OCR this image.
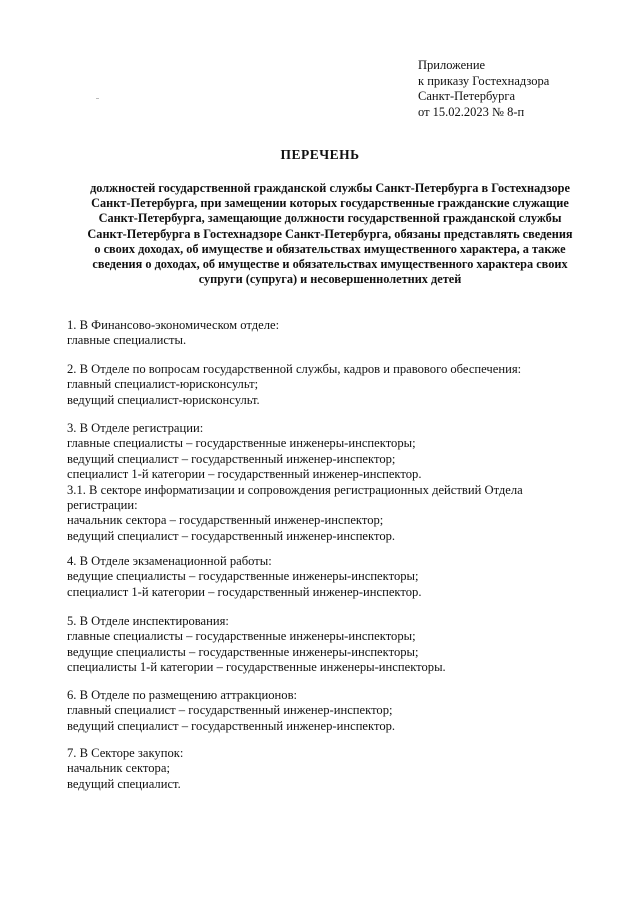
Приложение
к приказу Гостехнадзора
Санкт-Петербурга
от 15.02.2023 № 8-п
ПЕРЕЧЕНЬ
должностей государственной гражданской службы Санкт-Петербурга в Гостехнадзоре
Санкт-Петербурга, при замещении которых государственные гражданские служащие
Санкт-Петербурга, замещающие должности государственной гражданской службы
Санкт-Петербурга в Гостехнадзоре Санкт-Петербурга, обязаны представлять сведения
о своих доходах, об имуществе и обязательствах имущественного характера, а также
сведения о доходах, об имуществе и обязательствах имущественного характера своих
супруги (супруга) и несовершеннолетних детей
1. В Финансово-экономическом отделе:
главные специалисты.
2. В Отделе по вопросам государственной службы, кадров и правового обеспечения:
главный специалист-юрисконсульт;
ведущий специалист-юрисконсульт.
3. В Отделе регистрации:
главные специалисты – государственные инженеры-инспекторы;
ведущий специалист – государственный инженер-инспектор;
специалист 1-й категории – государственный инженер-инспектор.
3.1. В секторе информатизации и сопровождения регистрационных действий Отдела
регистрации:
начальник сектора – государственный инженер-инспектор;
ведущий специалист – государственный инженер-инспектор.
4. В Отделе экзаменационной работы:
ведущие специалисты – государственные инженеры-инспекторы;
специалист 1-й категории – государственный инженер-инспектор.
5. В Отделе инспектирования:
главные специалисты – государственные инженеры-инспекторы;
ведущие специалисты – государственные инженеры-инспекторы;
специалисты 1-й категории – государственные инженеры-инспекторы.
6. В Отделе по размещению аттракционов:
главный специалист – государственный инженер-инспектор;
ведущий специалист – государственный инженер-инспектор.
7. В Секторе закупок:
начальник сектора;
ведущий специалист.
